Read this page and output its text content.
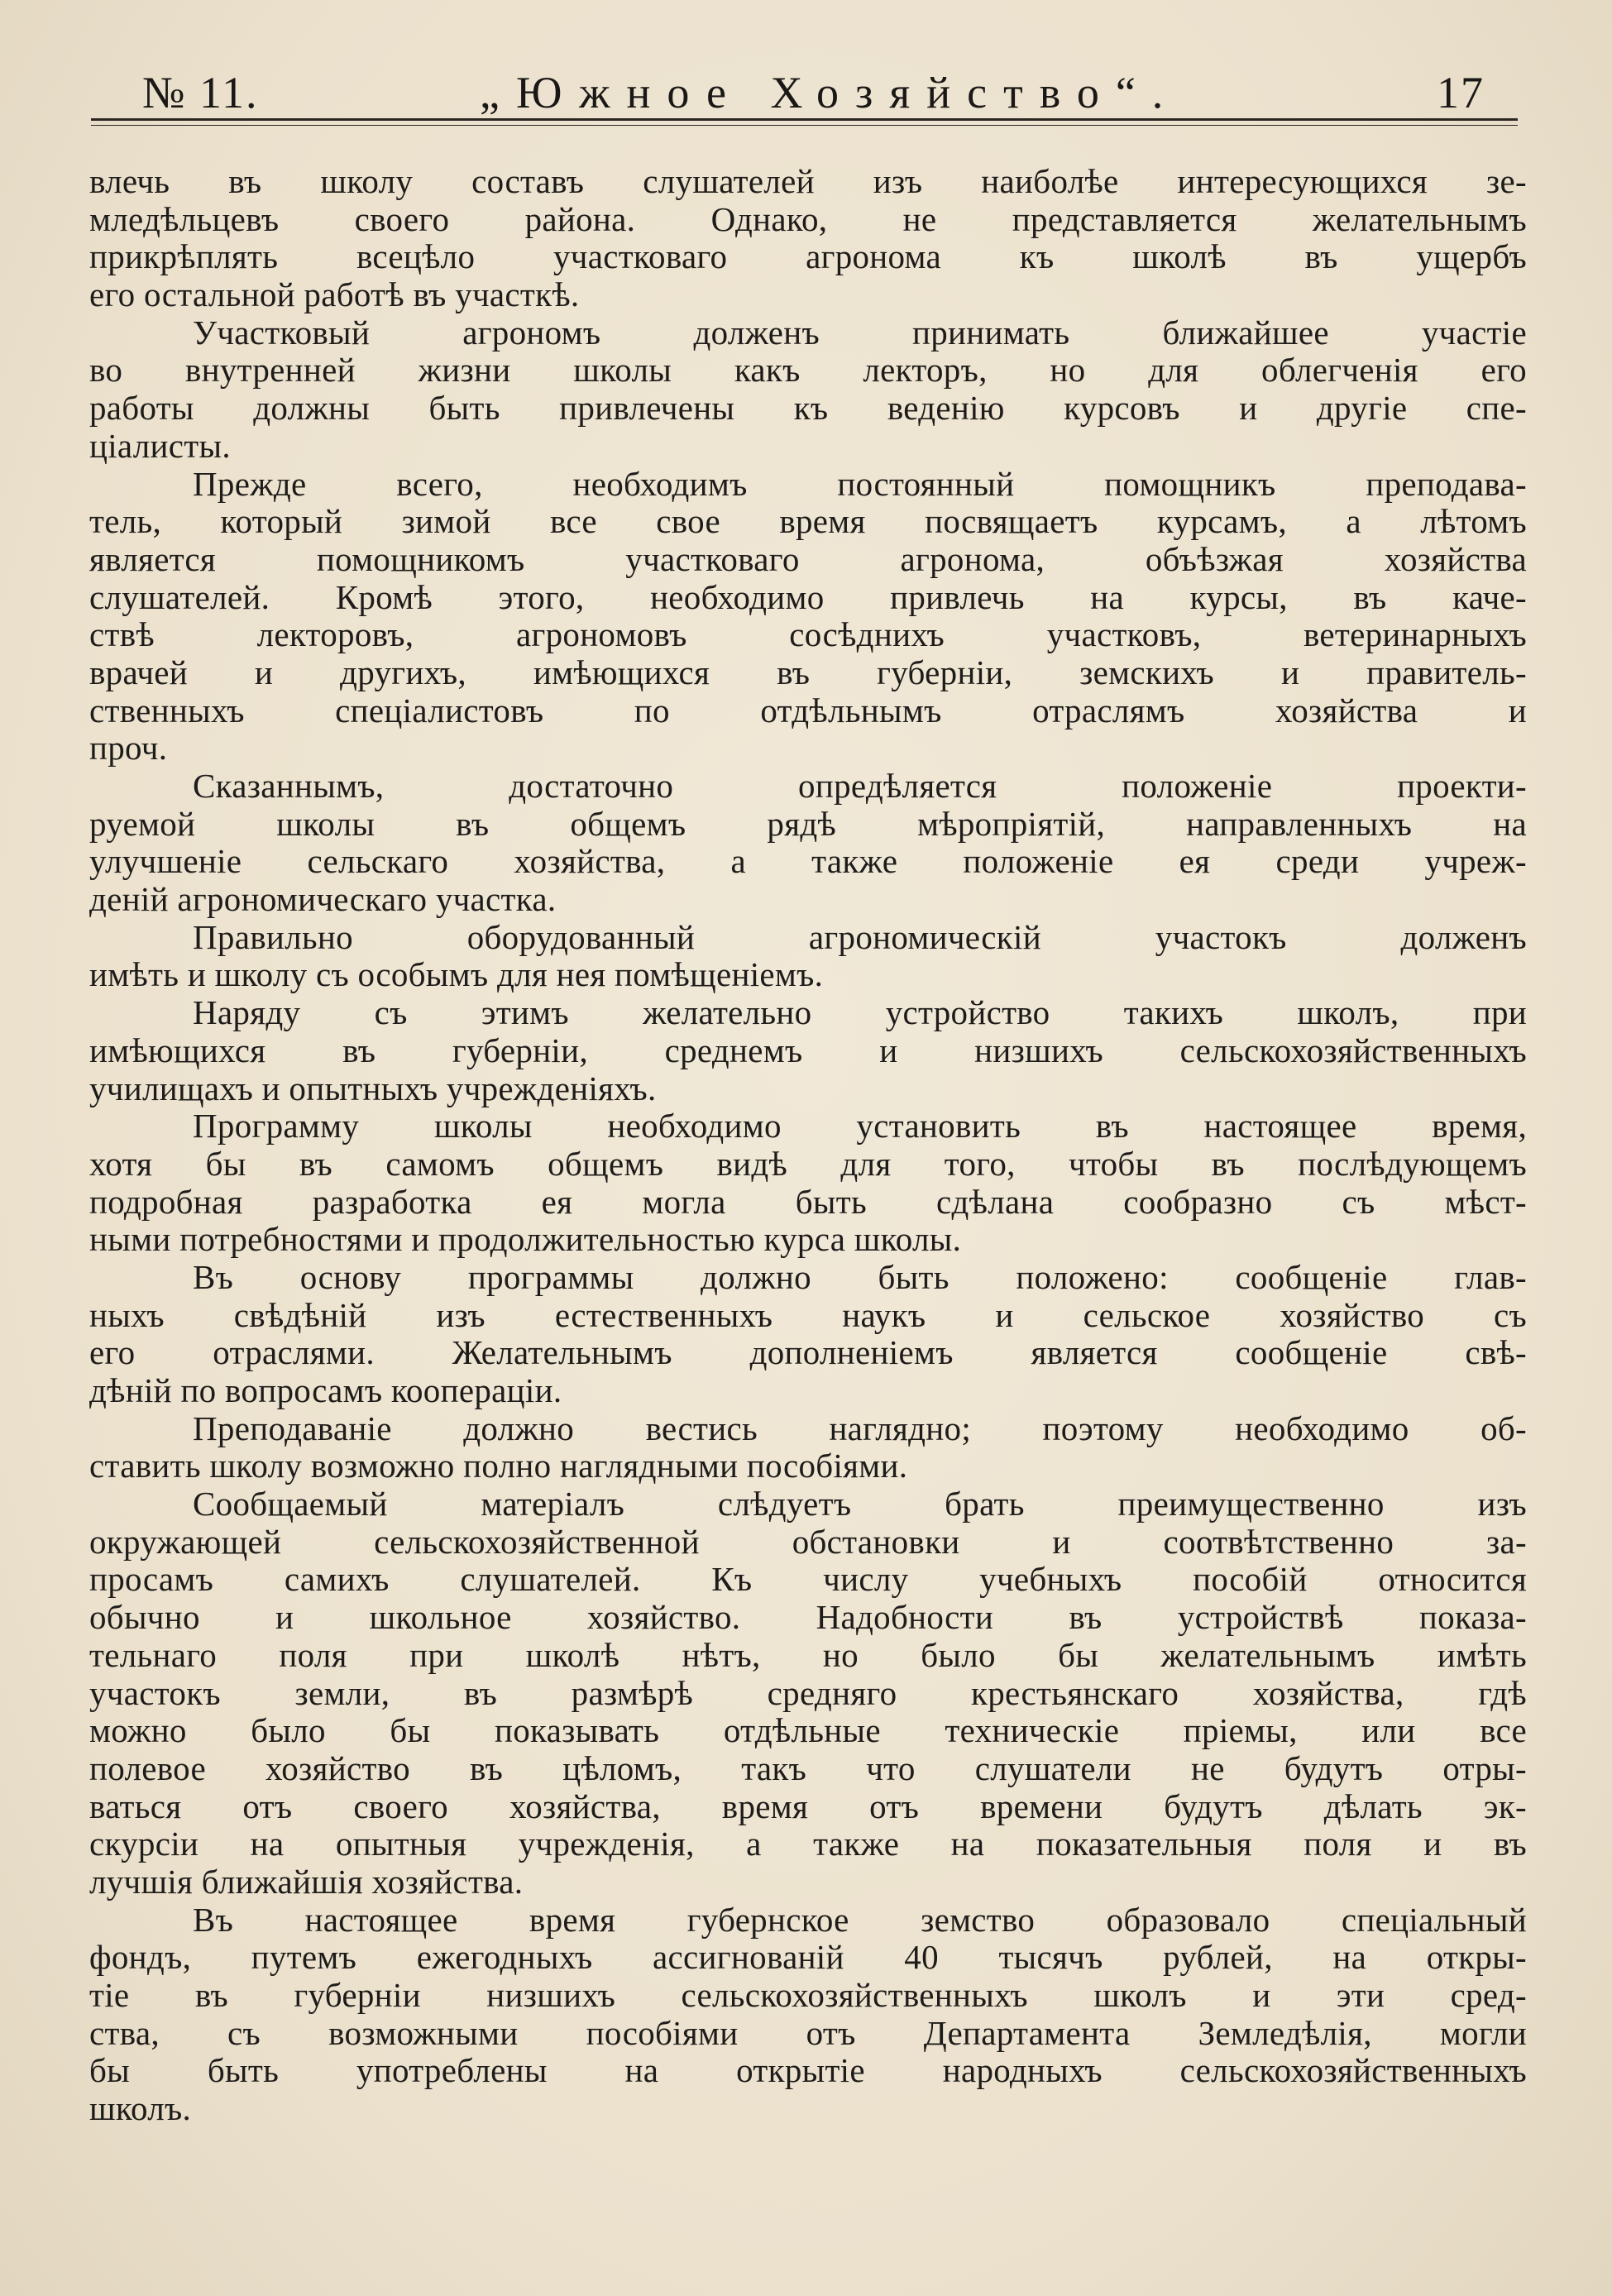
№ 11.	„Южное Хозяйство“.	17
влечь въ школу составъ слушателей изъ наиболѣе интересующихся зе-
мледѣльцевъ своего района. Однако, не представляется желательнымъ
прикрѣплять всецѣло участковаго агронома къ школѣ въ ущербъ
его остальной работѣ въ участкѣ.
Участковый агрономъ долженъ принимать ближайшее участіе
во внутренней жизни школы какъ лекторъ, но для облегченія его
работы должны быть привлечены къ веденію курсовъ и другіе спе-
ціалисты.
Прежде всего, необходимъ постоянный помощникъ преподава-
тель, который зимой все свое время посвящаетъ курсамъ, а лѣтомъ
является помощникомъ участковаго агронома, объѣзжая хозяйства
слушателей. Кромѣ этого, необходимо привлечь на курсы, въ каче-
ствѣ лекторовъ, агрономовъ сосѣднихъ участковъ, ветеринарныхъ
врачей и другихъ, имѣющихся въ губерніи, земскихъ и правитель-
ственныхъ спеціалистовъ по отдѣльнымъ отраслямъ хозяйства и
проч.
Сказаннымъ, достаточно опредѣляется положеніе проекти-
руемой школы въ общемъ рядѣ мѣропріятій, направленныхъ на
улучшеніе сельскаго хозяйства, а также положеніе ея среди учреж-
деній агрономическаго участка.
Правильно оборудованный агрономическій участокъ долженъ
имѣть и школу съ особымъ для нея помѣщеніемъ.
Наряду съ этимъ желательно устройство такихъ школъ, при
имѣющихся въ губерніи, среднемъ и низшихъ сельскохозяйственныхъ
училищахъ и опытныхъ учрежденіяхъ.
Программу школы необходимо установить въ настоящее время,
хотя бы въ самомъ общемъ видѣ для того, чтобы въ послѣдующемъ
подробная разработка ея могла быть сдѣлана сообразно съ мѣст-
ными потребностями и продолжительностью курса школы.
Въ основу программы должно быть положено: сообщеніе глав-
ныхъ свѣдѣній изъ естественныхъ наукъ и сельское хозяйство съ
его отраслями. Желательнымъ дополненіемъ является сообщеніе свѣ-
дѣній по вопросамъ коопераціи.
Преподаваніе должно вестись наглядно; поэтому необходимо об-
ставить школу возможно полно наглядными пособіями.
Сообщаемый матеріалъ слѣдуетъ брать преимущественно изъ
окружающей сельскохозяйственной обстановки и соотвѣтственно за-
просамъ самихъ слушателей. Къ числу учебныхъ пособій относится
обычно и школьное хозяйство. Надобности въ устройствѣ показа-
тельнаго поля при школѣ нѣтъ, но было бы желательнымъ имѣть
участокъ земли, въ размѣрѣ средняго крестьянскаго хозяйства, гдѣ
можно было бы показывать отдѣльные техническіе пріемы, или все
полевое хозяйство въ цѣломъ, такъ что слушатели не будутъ отры-
ваться отъ своего хозяйства, время отъ времени будутъ дѣлать эк-
скурсіи на опытныя учрежденія, а также на показательныя поля и въ
лучшія ближайшія хозяйства.
Въ настоящее время губернское земство образовало спеціальный
фондъ, путемъ ежегодныхъ ассигнованій 40 тысячъ рублей, на откры-
тіе въ губерніи низшихъ сельскохозяйственныхъ школъ и эти сред-
ства, съ возможными пособіями отъ Департамента Земледѣлія, могли
бы быть употреблены на открытіе народныхъ сельскохозяйственныхъ
школъ.
